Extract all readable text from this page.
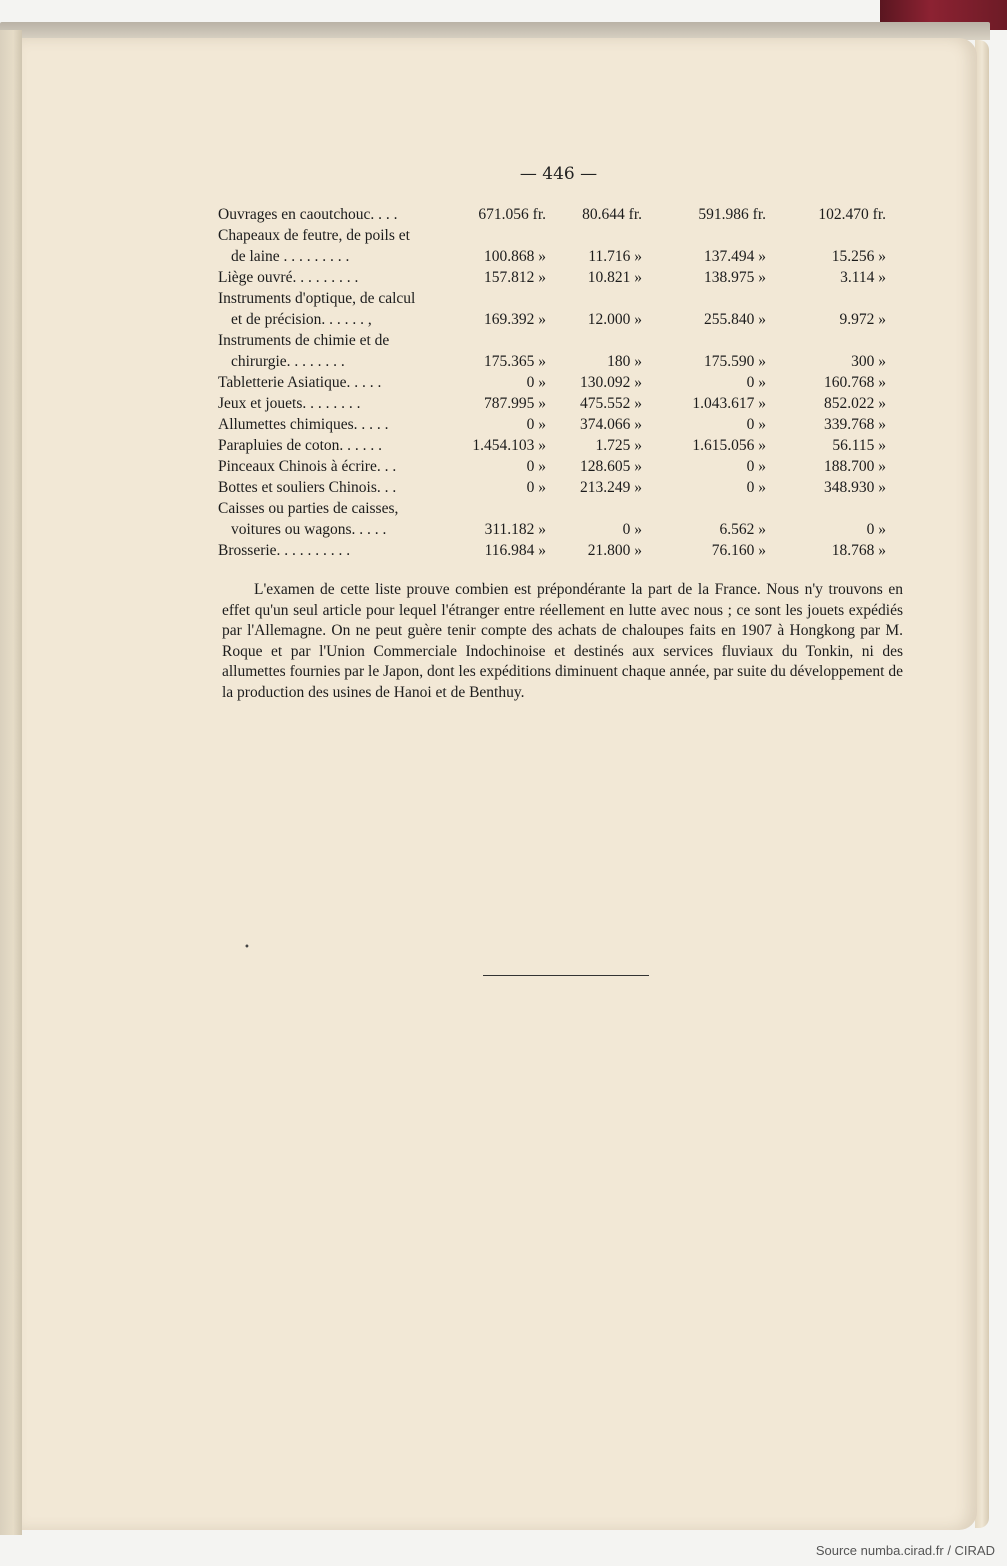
— 446 —
Ouvrages en caoutchouc. . . .	671.056 fr.	80.644 fr.	591.986 fr.	102.470 fr.
Chapeaux de feutre, de poils et
de laine . . . . . . . . .	100.868 »	11.716 »	137.494 »	15.256 »
Liège ouvré. . . . . . . . .	157.812 »	10.821 »	138.975 »	3.114 »
Instruments d'optique, de calcul
et de précision. . . . . . ,	169.392 »	12.000 »	255.840 »	9.972 »
Instruments de chimie et de
chirurgie. . . . . . . .	175.365 »	180 »	175.590 »	300 »
Tabletterie Asiatique. . . . .	0 »	130.092 »	0 »	160.768 »
Jeux et jouets. . . . . . . .	787.995 »	475.552 »	1.043.617 »	852.022 »
Allumettes chimiques. . . . .	0 »	374.066 »	0 »	339.768 »
Parapluies de coton. . . . . .	1.454.103 »	1.725 »	1.615.056 »	56.115 »
Pinceaux Chinois à écrire. . .	0 »	128.605 »	0 »	188.700 »
Bottes et souliers Chinois. . .	0 »	213.249 »	0 »	348.930 »
Caisses ou parties de caisses,
voitures ou wagons. . . . .	311.182 »	0 »	6.562 »	0 »
Brosserie. . . . . . . . . .	116.984 »	21.800 »	76.160 »	18.768 »
L'examen de cette liste prouve combien est prépondérante la part de la France. Nous n'y trouvons en effet qu'un seul article pour lequel l'étranger entre réellement en lutte avec nous ; ce sont les jouets expédiés par l'Allemagne. On ne peut guère tenir compte des achats de chaloupes faits en 1907 à Hongkong par M. Roque et par l'Union Commerciale Indochinoise et destinés aux services fluviaux du Tonkin, ni des allumettes fournies par le Japon, dont les expéditions diminuent chaque année, par suite du développement de la production des usines de Hanoi et de Benthuy.
•
Source numba.cirad.fr / CIRAD
